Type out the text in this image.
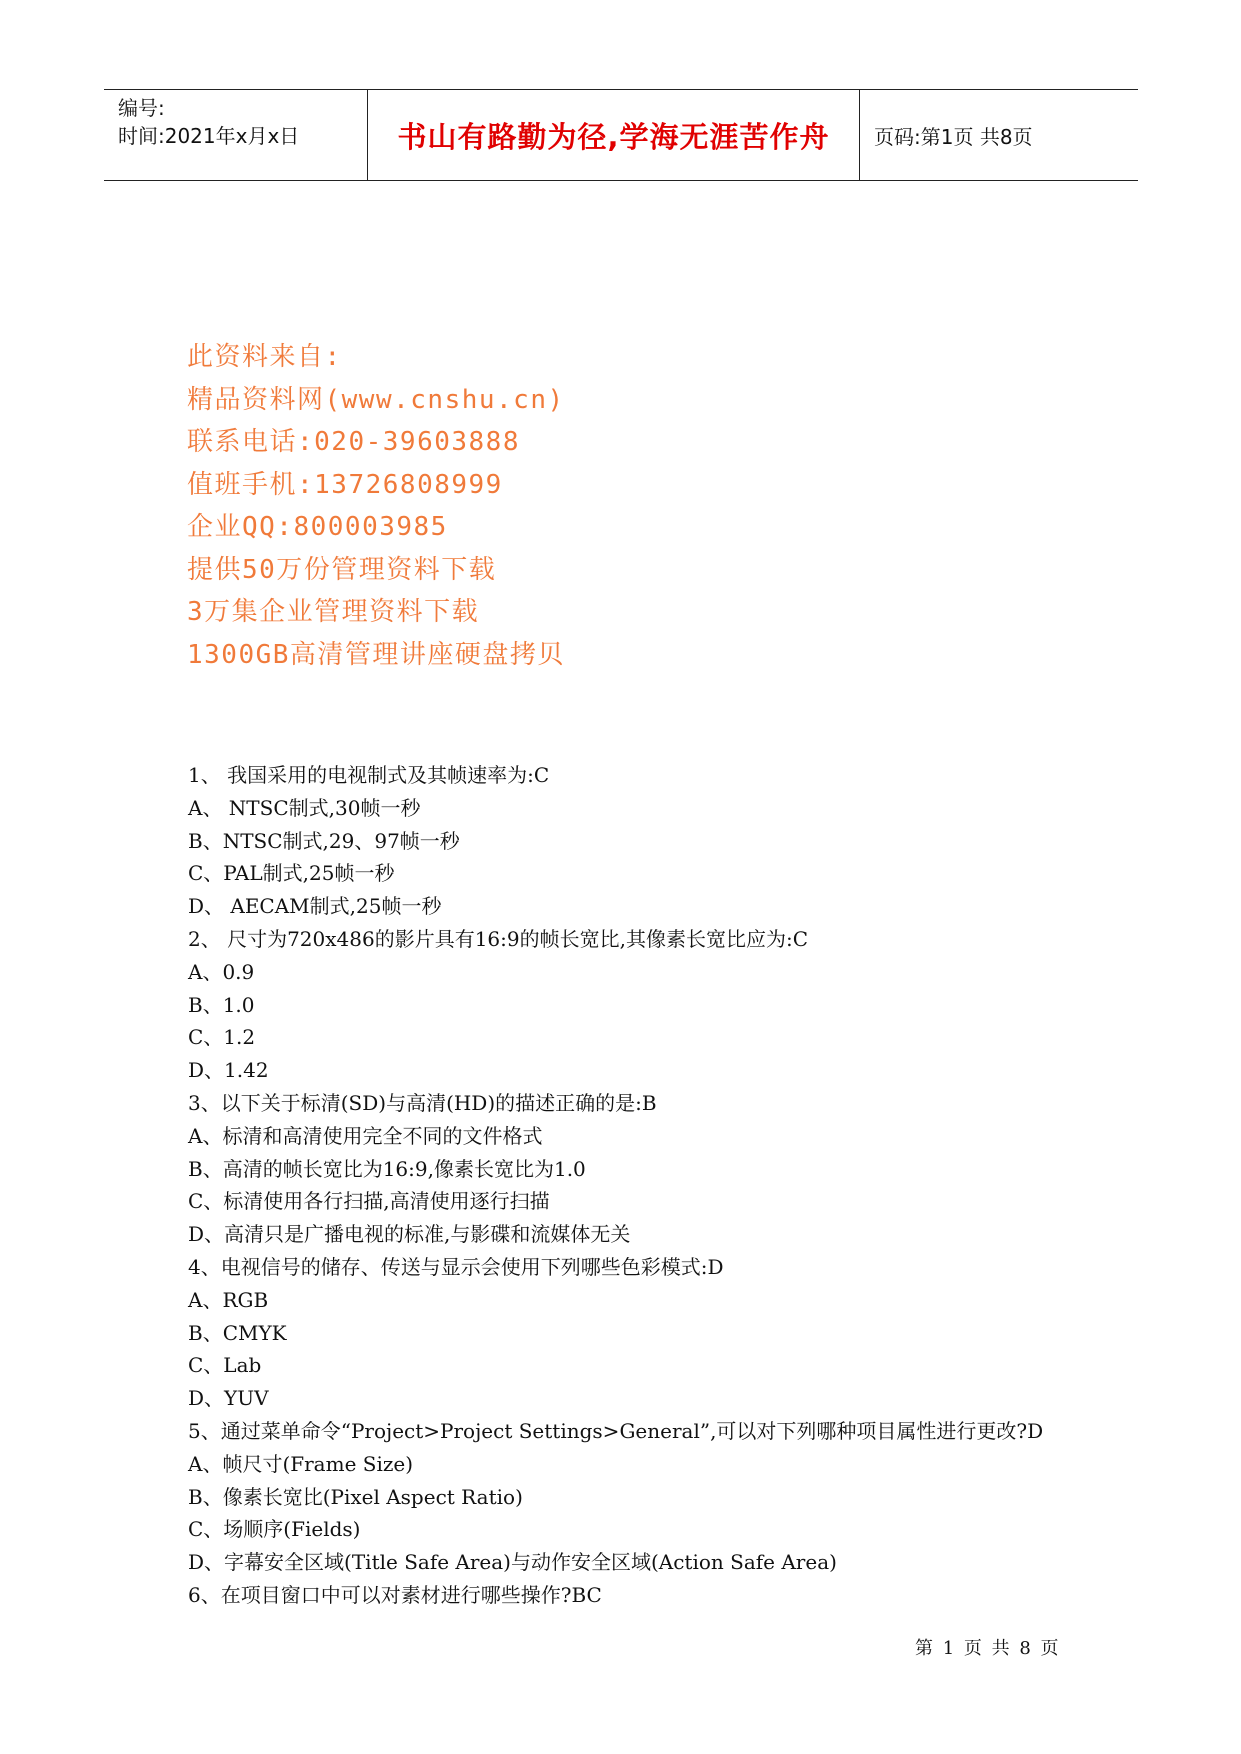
编号:
时间:2021年x月x日	书山有路勤为径,学海无涯苦作舟 页码:第1页 共8页
此资料来自:
精品资料网(www.cnshu.cn)
联系电话:020-39603888
值班手机:13726808999
企业QQ:800003985
提供50万份管理资料下载
3万集企业管理资料下载
1300GB高清管理讲座硬盘拷贝
1、 我国采用的电视制式及其帧速率为:C
A、 NTSC制式,30帧一秒
B、NTSC制式,29、97帧一秒
C、PAL制式,25帧一秒
D、 AECAM制式,25帧一秒
2、 尺寸为720x486的影片具有16:9的帧长宽比,其像素长宽比应为:C
A、0.9
B、1.0
C、1.2
D、1.42
3、以下关于标清(SD)与高清(HD)的描述正确的是:B
A、标清和高清使用完全不同的文件格式
B、高清的帧长宽比为16:9,像素长宽比为1.0
C、标清使用各行扫描,高清使用逐行扫描
D、高清只是广播电视的标准,与影碟和流媒体无关
4、电视信号的储存、传送与显示会使用下列哪些色彩模式:D
A、RGB
B、CMYK
C、Lab
D、YUV
5、通过菜单命令“Project>Project Settings>General”,可以对下列哪种项目属性进行更改?D
A、帧尺寸(Frame Size)
B、像素长宽比(Pixel Aspect Ratio)
C、场顺序(Fields)
D、字幕安全区域(Title Safe Area)与动作安全区域(Action Safe Area)
6、在项目窗口中可以对素材进行哪些操作?BC
第 1 页 共 8 页
